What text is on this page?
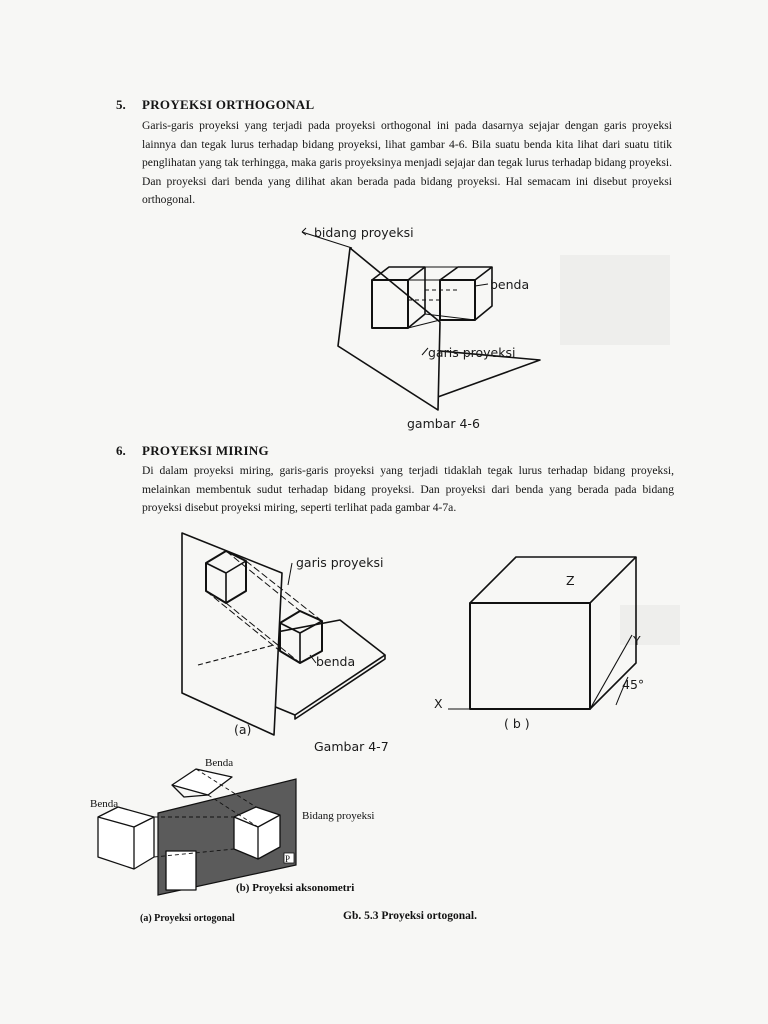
5. PROYEKSI ORTHOGONAL

Garis-garis proyeksi yang terjadi pada proyeksi orthogonal ini pada dasarnya sejajar dengan garis proyeksi lainnya dan tegak lurus terhadap bidang proyeksi, lihat gambar 4-6. Bila suatu benda kita lihat dari suatu titik penglihatan yang tak terhingga, maka garis proyeksinya menjadi sejajar dan tegak lurus terhadap bidang proyeksi. Dan proyeksi dari benda yang dilihat akan berada pada bidang proyeksi. Hal semacam ini disebut proyeksi orthogonal.

bidang proyeksi
benda
garis proyeksi
gambar 4-6
6. PROYEKSI MIRING

Di dalam proyeksi miring, garis-garis proyeksi yang terjadi tidaklah tegak lurus terhadap bidang proyeksi, melainkan membentuk sudut terhadap bidang proyeksi. Dan proyeksi dari benda yang berada pada bidang proyeksi disebut proyeksi miring, seperti terlihat pada gambar 4-7a.

garis proyeksi
benda
(a)	( b )
Z
Y
X
45°
Gambar 4-7
Benda
Benda
Bidang proyeksi
P
(b) Proyeksi aksonometri
(a) Proyeksi ortogonal	Gb. 5.3 Proyeksi ortogonal.
